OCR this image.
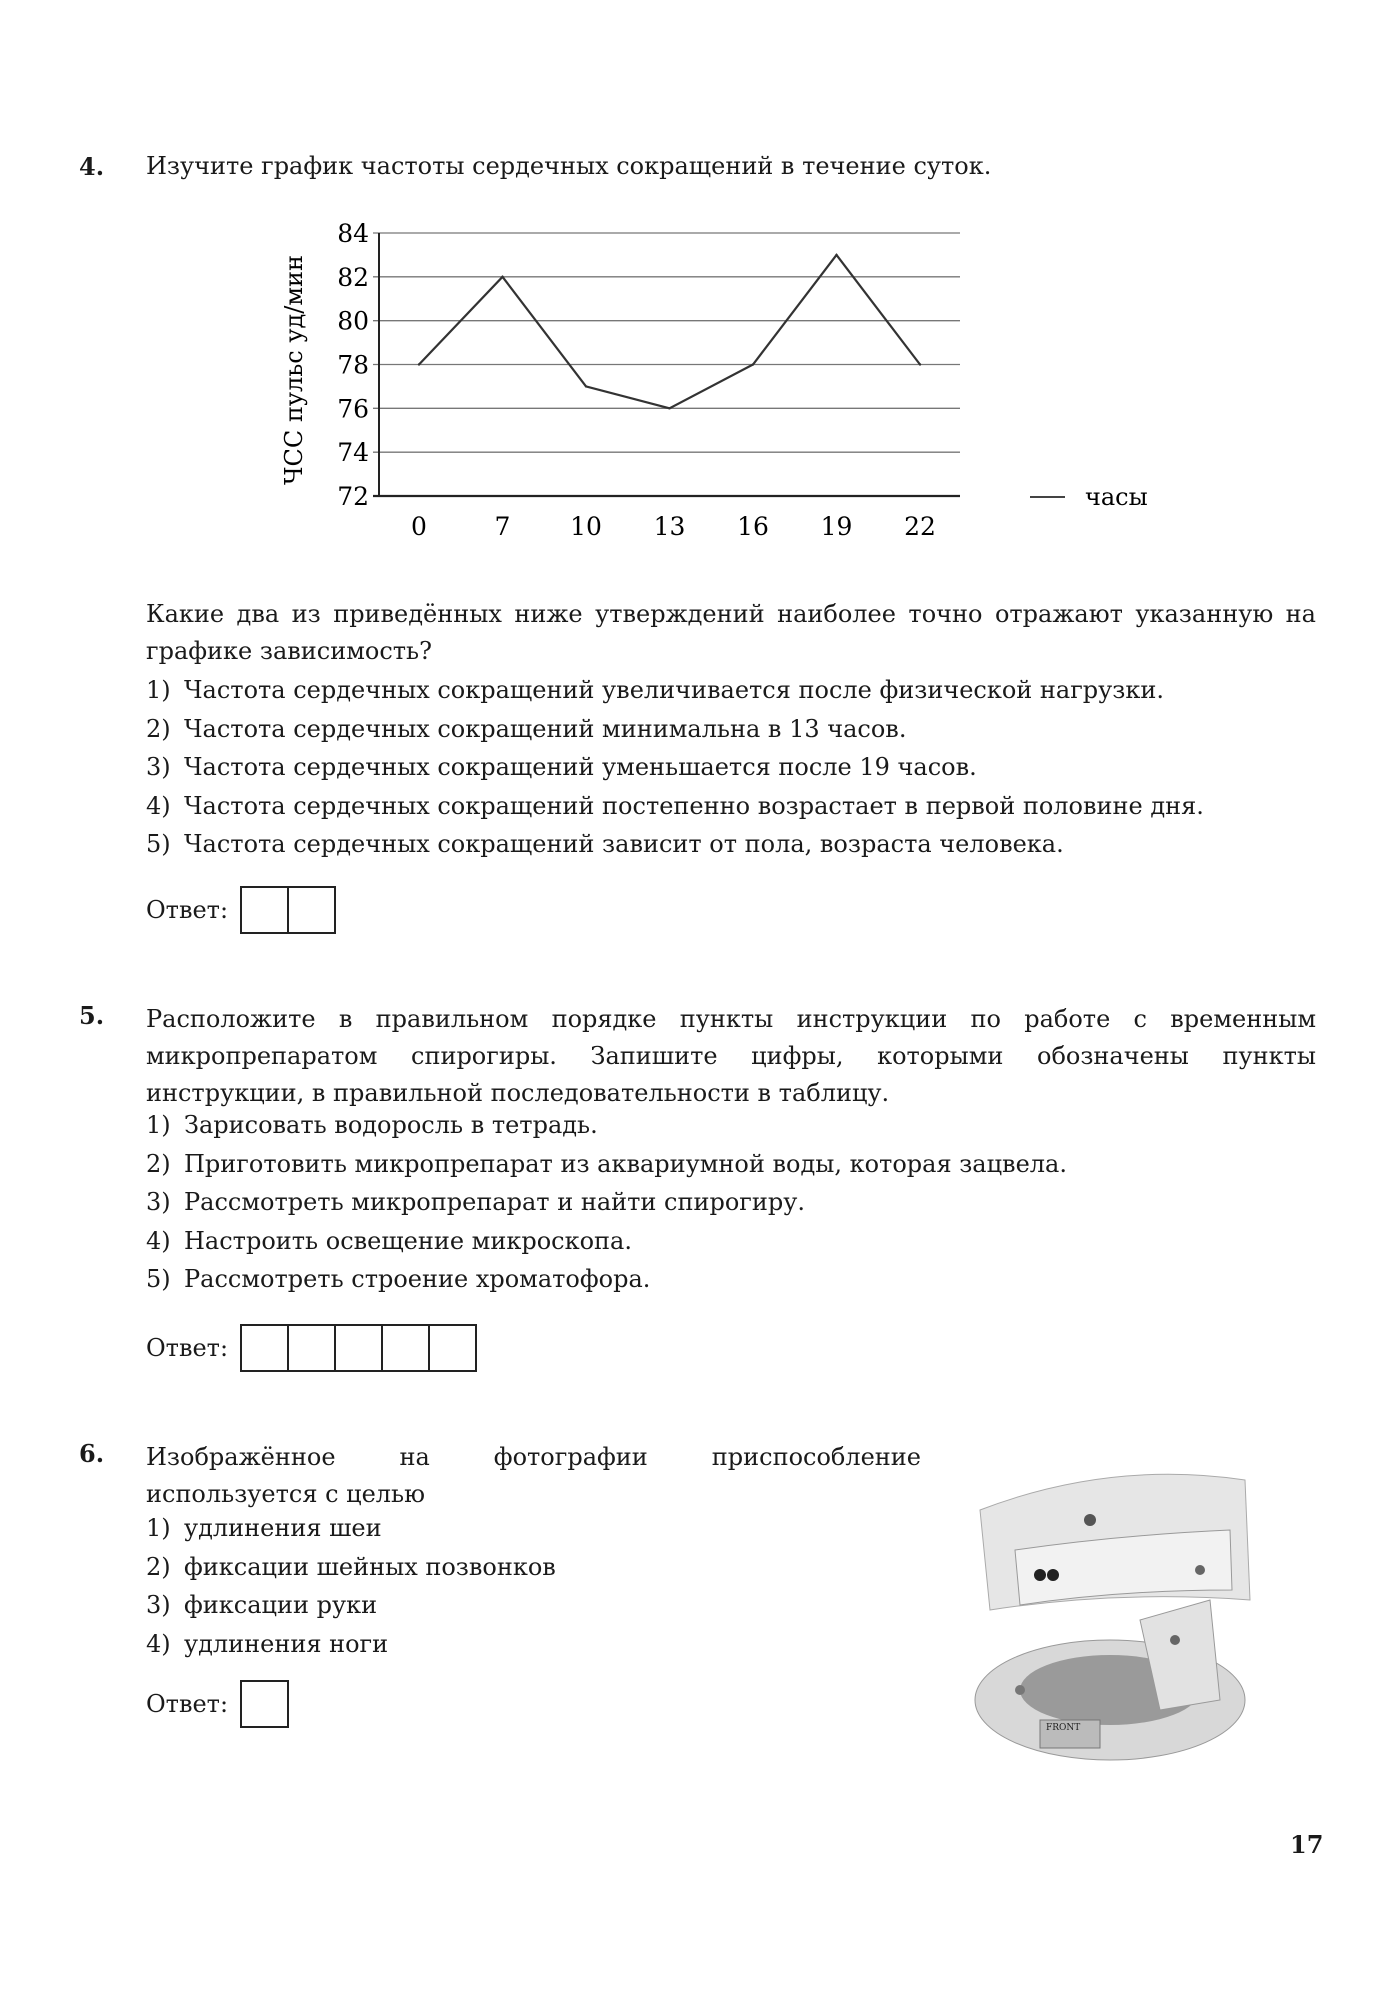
4. Изучите график частоты сердечных сокращений в течение суток.
72
74
76
78
80
82
84
0	7 10 13 16 19 22
часы
ЧСС пульс уд/мин
Какие два из приведённых ниже утверждений наиболее точно отражают указанную на графике зависимость?
1) Частота сердечных сокращений увеличивается после физической нагрузки.
2) Частота сердечных сокращений минимальна в 13 часов.
3) Частота сердечных сокращений уменьшается после 19 часов.
4) Частота сердечных сокращений постепенно возрастает в первой половине дня.
5) Частота сердечных сокращений зависит от пола, возраста человека.
Ответ:
5. Расположите в правильном порядке пункты инструкции по работе с временным микропрепаратом спирогиры. Запишите цифры, которыми обозначены пункты инструкции, в правильной последовательности в таблицу.
1) Зарисовать водоросль в тетрадь.
2) Приготовить микропрепарат из аквариумной воды, которая зацвела.
3) Рассмотреть микропрепарат и найти спирогиру.
4) Настроить освещение микроскопа.
5) Рассмотреть строение хроматофора.
Ответ:
6. Изображённое на фотографии приспособление используется с целью
1) удлинения шеи
2) фиксации шейных позвонков
3) фиксации руки
4) удлинения ноги
Ответ:
FRONT
17
